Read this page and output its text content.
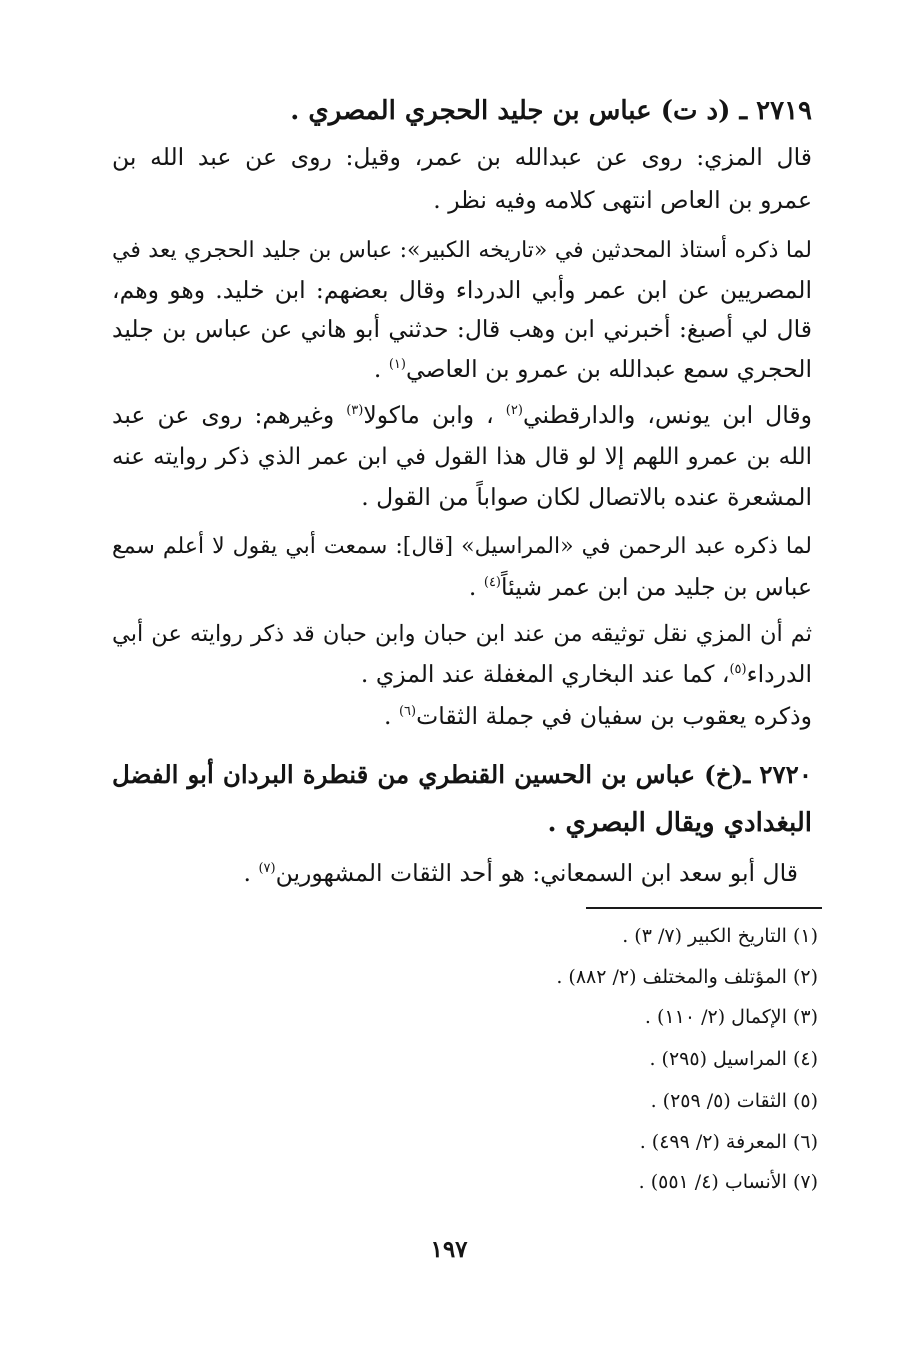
٢٧١٩ ـ (د ت) عباس بن جليد الحجري المصري .
قال المزي: روى عن عبدالله بن عمر، وقيل: روى عن عبد الله بن
عمرو بن العاص انتهى كلامه وفيه نظر .
لما ذكره أستاذ المحدثين في «تاريخه الكبير»: عباس بن جليد الحجري يعد في
المصريين عن ابن عمر وأبي الدرداء وقال بعضهم: ابن خليد. وهو وهم،
قال لي أصبغ: أخبرني ابن وهب قال: حدثني أبو هاني عن عباس بن جليد
الحجري سمع عبدالله بن عمرو بن العاصي$^{(١)}$ .
وقال ابن يونس، والدارقطني$^{(٢)}$ ، وابن ماكولا$^{(٣)}$ وغيرهم: روى عن عبد
الله بن عمرو اللهم إلا لو قال هذا القول في ابن عمر الذي ذكر روايته عنه
المشعرة عنده بالاتصال لكان صواباً من القول .
لما ذكره عبد الرحمن في «المراسيل» [قال]: سمعت أبي يقول لا أعلم سمع
عباس بن جليد من ابن عمر شيئاً$^{(٤)}$ .
ثم أن المزي نقل توثيقه من عند ابن حبان وابن حبان قد ذكر روايته عن أبي
الدرداء$^{(٥)}$، كما عند البخاري المغفلة عند المزي .
وذكره يعقوب بن سفيان في جملة الثقات$^{(٦)}$ .
٢٧٢٠ ـ(خ) عباس بن الحسين القنطري من قنطرة البردان أبو الفضل
البغدادي ويقال البصري .
قال أبو سعد ابن السمعاني: هو أحد الثقات المشهورين$^{(٧)}$ .
(١) التاريخ الكبير (٧/ ٣) .
(٢) المؤتلف والمختلف (٢/ ٨٨٢) .
(٣) الإكمال (٢/ ١١٠) .
(٤) المراسيل (٢٩٥) .
(٥) الثقات (٥/ ٢٥٩) .
(٦) المعرفة (٢/ ٤٩٩) .
(٧) الأنساب (٤/ ٥٥١) .
١٩٧
